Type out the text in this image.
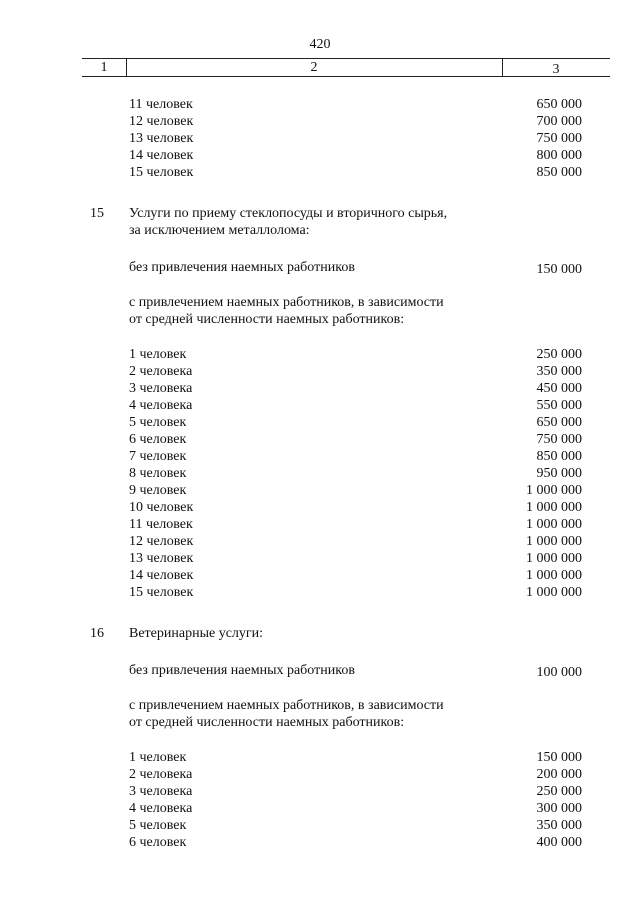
420
1	2	3
11 человек	650 000
12 человек	700 000
13 человек	750 000
14 человек	800 000
15 человек	850 000
15	Услуги по приему стеклопосуды и вторичного сырья,
за исключением металлолома:
без привлечения наемных работников	150 000
с привлечением наемных работников, в зависимости
от средней численности наемных работников:
1 человек	250 000
2 человека	350 000
3 человека	450 000
4 человека	550 000
5 человек	650 000
6 человек	750 000
7 человек	850 000
8 человек	950 000
9 человек	1 000 000
10 человек	1 000 000
11 человек	1 000 000
12 человек	1 000 000
13 человек	1 000 000
14 человек	1 000 000
15 человек	1 000 000
16	Ветеринарные услуги:
без привлечения наемных работников	100 000
с привлечением наемных работников, в зависимости
от средней численности наемных работников:
1 человек	150 000
2 человека	200 000
3 человека	250 000
4 человека	300 000
5 человек	350 000
6 человек	400 000
